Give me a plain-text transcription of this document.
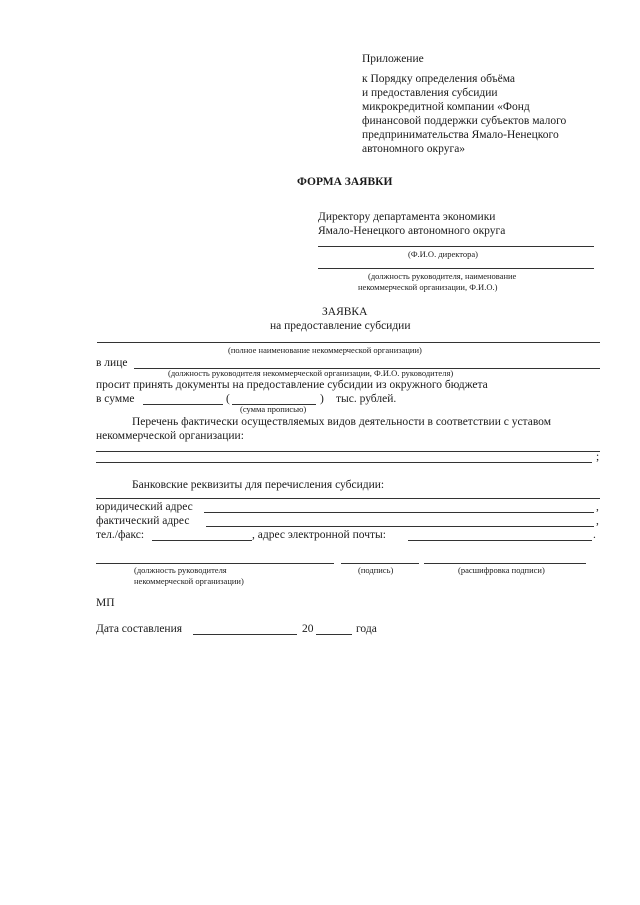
Приложение
к Порядку определения объёма
и предоставления субсидии
микрокредитной компании «Фонд
финансовой поддержки субъектов малого
предпринимательства Ямало-Ненецкого
автономного округа»
ФОРМА ЗАЯВКИ
Директору департамента экономики
Ямало-Ненецкого автономного округа
(Ф.И.О. директора)
(должность руководителя, наименование
некоммерческой организации, Ф.И.О.)
ЗАЯВКА
на предоставление субсидии
(полное наименование некоммерческой организации)
в лице
(должность руководителя некоммерческой организации, Ф.И.О. руководителя)
просит принять документы на предоставление субсидии из окружного бюджета
в сумме	(	) тыс. рублей.
(сумма прописью)
Перечень фактически осуществляемых видов деятельности в соответствии с уставом
некоммерческой организации:
;
Банковские реквизиты для перечисления субсидии:
юридический адрес	,
фактический адрес	,
тел./факс:	, адрес электронной почты:	.
(должность руководителя
некоммерческой организации)
(подпись)	(расшифровка подписи)
МП
Дата составления	20	года
